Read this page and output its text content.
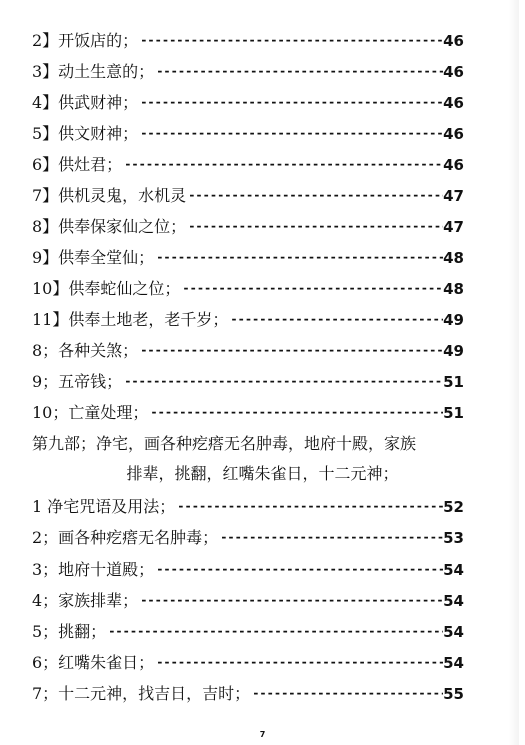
2】开饭店的； -----	46
3】动土生意的； -----	46
4】供武财神； -----	46
5】供文财神； -----	46
6】供灶君； -----	46
7】供机灵鬼，水机灵 -----	47
8】供奉保家仙之位； -----	47
9】供奉全堂仙； -----	48
10】供奉蛇仙之位； -----	48
11】供奉土地老，老千岁； -----	49
8；各种关煞； -----	49
9；五帝钱； -----	51
10；亡童处理； -----	51
第九部；净宅，画各种疙瘩无名肿毒，地府十殿，家族
排辈，挑翻，红嘴朱雀日，十二元神；
1 净宅咒语及用法； -----	52
2；画各种疙瘩无名肿毒； -----	53
3；地府十道殿； -----	54
4；家族排辈； -----	54
5；挑翻； -----	54
6；红嘴朱雀日； -----	54
7；十二元神，找吉日，吉时； -----	55
7
